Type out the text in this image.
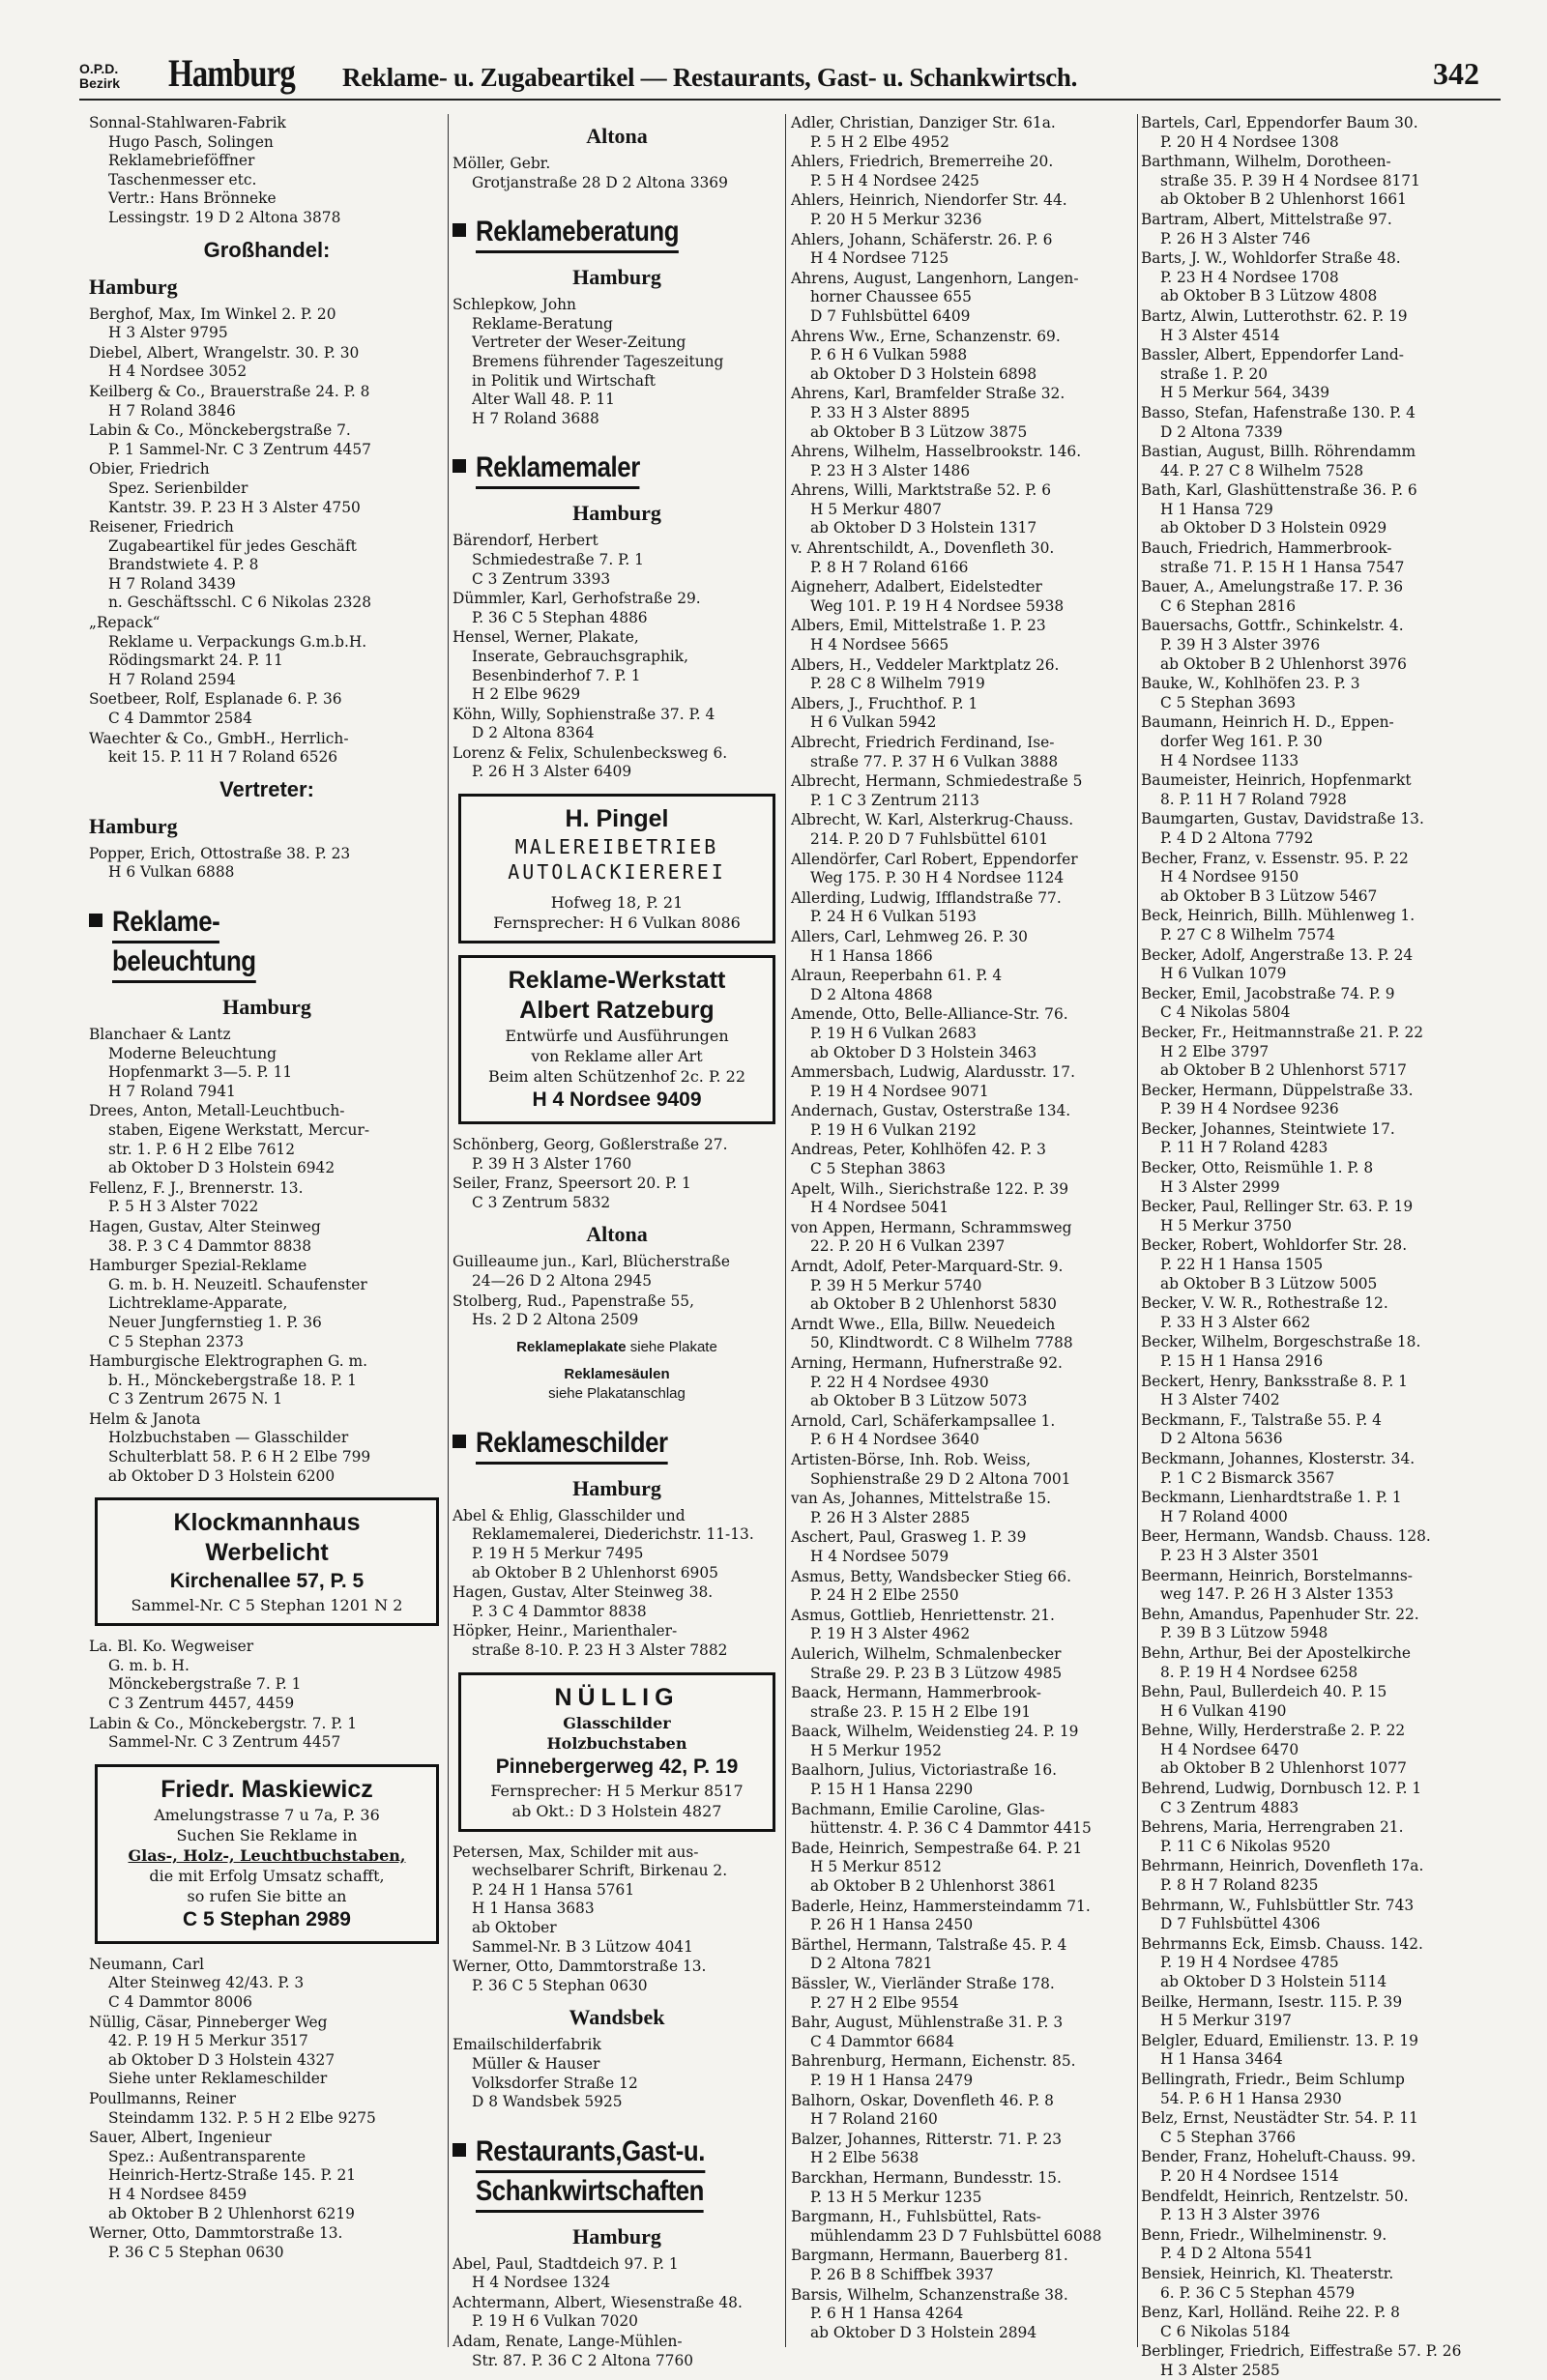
O.P.D.
Bezirk Hamburg Reklame- u. Zugabeartikel — Restaurants, Gast- u. Schankwirtsch.	342
Sonnal-Stahlwaren-Fabrik
Hugo Pasch, Solingen
Reklamebrieföffner
Taschenmesser etc.
Vertr.: Hans Brönneke
Lessingstr. 19 D 2 Altona 3878
Großhandel:
Hamburg
Berghof, Max, Im Winkel 2. P. 20
H 3 Alster 9795
Diebel, Albert, Wrangelstr. 30. P. 30
H 4 Nordsee 3052
Keilberg & Co., Brauerstraße 24. P. 8
H 7 Roland 3846
Labin & Co., Mönckebergstraße 7.
P. 1 Sammel-Nr. C 3 Zentrum 4457
Obier, Friedrich
Spez. Serienbilder
Kantstr. 39. P. 23 H 3 Alster 4750
Reisener, Friedrich
Zugabeartikel für jedes Geschäft
Brandstwiete 4. P. 8
H 7 Roland 3439
n. Geschäftsschl. C 6 Nikolas 2328
„Repack“
Reklame u. Verpackungs G.m.b.H.
Rödingsmarkt 24. P. 11
H 7 Roland 2594
Soetbeer, Rolf, Esplanade 6. P. 36
C 4 Dammtor 2584
Waechter & Co., GmbH., Herrlich-
keit 15. P. 11 H 7 Roland 6526
Vertreter:
Hamburg
Popper, Erich, Ottostraße 38. P. 23
H 6 Vulkan 6888
Reklame-
beleuchtung
Hamburg
Blanchaer & Lantz
Moderne Beleuchtung
Hopfenmarkt 3—5. P. 11
H 7 Roland 7941
Drees, Anton, Metall-Leuchtbuch-
staben, Eigene Werkstatt, Mercur-
str. 1. P. 6 H 2 Elbe 7612
ab Oktober D 3 Holstein 6942
Fellenz, F. J., Brennerstr. 13.
P. 5 H 3 Alster 7022
Hagen, Gustav, Alter Steinweg
38. P. 3 C 4 Dammtor 8838
Hamburger Spezial-Reklame
G. m. b. H. Neuzeitl. Schaufenster
Lichtreklame-Apparate,
Neuer Jungfernstieg 1. P. 36
C 5 Stephan 2373
Hamburgische Elektrographen G. m.
b. H., Mönckebergstraße 18. P. 1
C 3 Zentrum 2675 N. 1
Helm & Janota
Holzbuchstaben — Glasschilder
Schulterblatt 58. P. 6 H 2 Elbe 799
ab Oktober D 3 Holstein 6200
Klockmannhaus
Werbelicht
Kirchenallee 57, P. 5
Sammel-Nr. C 5 Stephan 1201 N 2
La. Bl. Ko. Wegweiser
G. m. b. H.
Mönckebergstraße 7. P. 1
C 3 Zentrum 4457, 4459
Labin & Co., Mönckebergstr. 7. P. 1
Sammel-Nr. C 3 Zentrum 4457
Friedr. Maskiewicz
Amelungstrasse 7 u 7a, P. 36
Suchen Sie Reklame in
Glas-, Holz-, Leuchtbuchstaben,
die mit Erfolg Umsatz schafft,
so rufen Sie bitte an
C 5 Stephan 2989
Neumann, Carl
Alter Steinweg 42/43. P. 3
C 4 Dammtor 8006
Nüllig, Cäsar, Pinneberger Weg
42. P. 19 H 5 Merkur 3517
ab Oktober D 3 Holstein 4327
Siehe unter Reklameschilder
Poullmanns, Reiner
Steindamm 132. P. 5 H 2 Elbe 9275
Sauer, Albert, Ingenieur
Spez.: Außentransparente
Heinrich-Hertz-Straße 145. P. 21
H 4 Nordsee 8459
ab Oktober B 2 Uhlenhorst 6219
Werner, Otto, Dammtorstraße 13.
P. 36 C 5 Stephan 0630
Altona
Möller, Gebr.
Grotjanstraße 28 D 2 Altona 3369
Reklameberatung
Hamburg
Schlepkow, John
Reklame-Beratung
Vertreter der Weser-Zeitung
Bremens führender Tageszeitung
in Politik und Wirtschaft
Alter Wall 48. P. 11
H 7 Roland 3688
Reklamemaler
Hamburg
Bärendorf, Herbert
Schmiedestraße 7. P. 1
C 3 Zentrum 3393
Dümmler, Karl, Gerhofstraße 29.
P. 36 C 5 Stephan 4886
Hensel, Werner, Plakate,
Inserate, Gebrauchsgraphik,
Besenbinderhof 7. P. 1
H 2 Elbe 9629
Köhn, Willy, Sophienstraße 37. P. 4
D 2 Altona 8364
Lorenz & Felix, Schulenbecksweg 6.
P. 26 H 3 Alster 6409
H. Pingel
MALEREIBETRIEB
AUTOLACKIEREREI
Hofweg 18, P. 21
Fernsprecher: H 6 Vulkan 8086
Reklame-Werkstatt
Albert Ratzeburg
Entwürfe und Ausführungen
von Reklame aller Art
Beim alten Schützenhof 2c. P. 22
H 4 Nordsee 9409
Schönberg, Georg, Goßlerstraße 27.
P. 39 H 3 Alster 1760
Seiler, Franz, Speersort 20. P. 1
C 3 Zentrum 5832
Altona
Guilleaume jun., Karl, Blücherstraße
24—26 D 2 Altona 2945
Stolberg, Rud., Papenstraße 55,
Hs. 2 D 2 Altona 2509
Reklameplakate siehe Plakate
Reklamesäulen
siehe Plakatanschlag
Reklameschilder
Hamburg
Abel & Ehlig, Glasschilder und
Reklamemalerei, Diederichstr. 11-13.
P. 19 H 5 Merkur 7495
ab Oktober B 2 Uhlenhorst 6905
Hagen, Gustav, Alter Steinweg 38.
P. 3 C 4 Dammtor 8838
Höpker, Heinr., Marienthaler-
straße 8-10. P. 23 H 3 Alster 7882
NÜLLIG
Glasschilder
Holzbuchstaben
Pinnebergerweg 42, P. 19
Fernsprecher: H 5 Merkur 8517
ab Okt.: D 3 Holstein 4827
Petersen, Max, Schilder mit aus-
wechselbarer Schrift, Birkenau 2.
P. 24 H 1 Hansa 5761
H 1 Hansa 3683
ab Oktober
Sammel-Nr. B 3 Lützow 4041
Werner, Otto, Dammtorstraße 13.
P. 36 C 5 Stephan 0630
Wandsbek
Emailschilderfabrik
Müller & Hauser
Volksdorfer Straße 12
D 8 Wandsbek 5925
Restaurants,Gast-u.
Schankwirtschaften
Hamburg
Abel, Paul, Stadtdeich 97. P. 1
H 4 Nordsee 1324
Achtermann, Albert, Wiesenstraße 48.
P. 19 H 6 Vulkan 7020
Adam, Renate, Lange-Mühlen-
Str. 87. P. 36 C 2 Altona 7760
Adler, Christian, Danziger Str. 61a.
P. 5 H 2 Elbe 4952
Ahlers, Friedrich, Bremerreihe 20.
P. 5 H 4 Nordsee 2425
Ahlers, Heinrich, Niendorfer Str. 44.
P. 20 H 5 Merkur 3236
Ahlers, Johann, Schäferstr. 26. P. 6
H 4 Nordsee 7125
Ahrens, August, Langenhorn, Langen-
horner Chaussee 655
D 7 Fuhlsbüttel 6409
Ahrens Ww., Erne, Schanzenstr. 69.
P. 6 H 6 Vulkan 5988
ab Oktober D 3 Holstein 6898
Ahrens, Karl, Bramfelder Straße 32.
P. 33 H 3 Alster 8895
ab Oktober B 3 Lützow 3875
Ahrens, Wilhelm, Hasselbrookstr. 146.
P. 23 H 3 Alster 1486
Ahrens, Willi, Marktstraße 52. P. 6
H 5 Merkur 4807
ab Oktober D 3 Holstein 1317
v. Ahrentschildt, A., Dovenfleth 30.
P. 8 H 7 Roland 6166
Aigneherr, Adalbert, Eidelstedter
Weg 101. P. 19 H 4 Nordsee 5938
Albers, Emil, Mittelstraße 1. P. 23
H 4 Nordsee 5665
Albers, H., Veddeler Marktplatz 26.
P. 28 C 8 Wilhelm 7919
Albers, J., Fruchthof. P. 1
H 6 Vulkan 5942
Albrecht, Friedrich Ferdinand, Ise-
straße 77. P. 37 H 6 Vulkan 3888
Albrecht, Hermann, Schmiedestraße 5
P. 1 C 3 Zentrum 2113
Albrecht, W. Karl, Alsterkrug-Chauss.
214. P. 20 D 7 Fuhlsbüttel 6101
Allendörfer, Carl Robert, Eppendorfer
Weg 175. P. 30 H 4 Nordsee 1124
Allerding, Ludwig, Ifflandstraße 77.
P. 24 H 6 Vulkan 5193
Allers, Carl, Lehmweg 26. P. 30
H 1 Hansa 1866
Alraun, Reeperbahn 61. P. 4
D 2 Altona 4868
Amende, Otto, Belle-Alliance-Str. 76.
P. 19 H 6 Vulkan 2683
ab Oktober D 3 Holstein 3463
Ammersbach, Ludwig, Alardusstr. 17.
P. 19 H 4 Nordsee 9071
Andernach, Gustav, Osterstraße 134.
P. 19 H 6 Vulkan 2192
Andreas, Peter, Kohlhöfen 42. P. 3
C 5 Stephan 3863
Apelt, Wilh., Sierichstraße 122. P. 39
H 4 Nordsee 5041
von Appen, Hermann, Schrammsweg
22. P. 20 H 6 Vulkan 2397
Arndt, Adolf, Peter-Marquard-Str. 9.
P. 39 H 5 Merkur 5740
ab Oktober B 2 Uhlenhorst 5830
Arndt Wwe., Ella, Billw. Neuedeich
50, Klindtwordt. C 8 Wilhelm 7788
Arning, Hermann, Hufnerstraße 92.
P. 22 H 4 Nordsee 4930
ab Oktober B 3 Lützow 5073
Arnold, Carl, Schäferkampsallee 1.
P. 6 H 4 Nordsee 3640
Artisten-Börse, Inh. Rob. Weiss,
Sophienstraße 29 D 2 Altona 7001
van As, Johannes, Mittelstraße 15.
P. 26 H 3 Alster 2885
Aschert, Paul, Grasweg 1. P. 39
H 4 Nordsee 5079
Asmus, Betty, Wandsbecker Stieg 66.
P. 24 H 2 Elbe 2550
Asmus, Gottlieb, Henriettenstr. 21.
P. 19 H 3 Alster 4962
Aulerich, Wilhelm, Schmalenbecker
Straße 29. P. 23 B 3 Lützow 4985
Baack, Hermann, Hammerbrook-
straße 23. P. 15 H 2 Elbe 191
Baack, Wilhelm, Weidenstieg 24. P. 19
H 5 Merkur 1952
Baalhorn, Julius, Victoriastraße 16.
P. 15 H 1 Hansa 2290
Bachmann, Emilie Caroline, Glas-
hüttenstr. 4. P. 36 C 4 Dammtor 4415
Bade, Heinrich, Sempestraße 64. P. 21
H 5 Merkur 8512
ab Oktober B 2 Uhlenhorst 3861
Baderle, Heinz, Hammersteindamm 71.
P. 26 H 1 Hansa 2450
Bärthel, Hermann, Talstraße 45. P. 4
D 2 Altona 7821
Bässler, W., Vierländer Straße 178.
P. 27 H 2 Elbe 9554
Bahr, August, Mühlenstraße 31. P. 3
C 4 Dammtor 6684
Bahrenburg, Hermann, Eichenstr. 85.
P. 19 H 1 Hansa 2479
Balhorn, Oskar, Dovenfleth 46. P. 8
H 7 Roland 2160
Balzer, Johannes, Ritterstr. 71. P. 23
H 2 Elbe 5638
Barckhan, Hermann, Bundesstr. 15.
P. 13 H 5 Merkur 1235
Bargmann, H., Fuhlsbüttel, Rats-
mühlendamm 23 D 7 Fuhlsbüttel 6088
Bargmann, Hermann, Bauerberg 81.
P. 26 B 8 Schiffbek 3937
Barsis, Wilhelm, Schanzenstraße 38.
P. 6 H 1 Hansa 4264
ab Oktober D 3 Holstein 2894
Bartels, Carl, Eppendorfer Baum 30.
P. 20 H 4 Nordsee 1308
Barthmann, Wilhelm, Dorotheen-
straße 35. P. 39 H 4 Nordsee 8171
ab Oktober B 2 Uhlenhorst 1661
Bartram, Albert, Mittelstraße 97.
P. 26 H 3 Alster 746
Barts, J. W., Wohldorfer Straße 48.
P. 23 H 4 Nordsee 1708
ab Oktober B 3 Lützow 4808
Bartz, Alwin, Lutterothstr. 62. P. 19
H 3 Alster 4514
Bassler, Albert, Eppendorfer Land-
straße 1. P. 20
H 5 Merkur 564, 3439
Basso, Stefan, Hafenstraße 130. P. 4
D 2 Altona 7339
Bastian, August, Billh. Röhrendamm
44. P. 27 C 8 Wilhelm 7528
Bath, Karl, Glashüttenstraße 36. P. 6
H 1 Hansa 729
ab Oktober D 3 Holstein 0929
Bauch, Friedrich, Hammerbrook-
straße 71. P. 15 H 1 Hansa 7547
Bauer, A., Amelungstraße 17. P. 36
C 6 Stephan 2816
Bauersachs, Gottfr., Schinkelstr. 4.
P. 39 H 3 Alster 3976
ab Oktober B 2 Uhlenhorst 3976
Bauke, W., Kohlhöfen 23. P. 3
C 5 Stephan 3693
Baumann, Heinrich H. D., Eppen-
dorfer Weg 161. P. 30
H 4 Nordsee 1133
Baumeister, Heinrich, Hopfenmarkt
8. P. 11 H 7 Roland 7928
Baumgarten, Gustav, Davidstraße 13.
P. 4 D 2 Altona 7792
Becher, Franz, v. Essenstr. 95. P. 22
H 4 Nordsee 9150
ab Oktober B 3 Lützow 5467
Beck, Heinrich, Billh. Mühlenweg 1.
P. 27 C 8 Wilhelm 7574
Becker, Adolf, Angerstraße 13. P. 24
H 6 Vulkan 1079
Becker, Emil, Jacobstraße 74. P. 9
C 4 Nikolas 5804
Becker, Fr., Heitmannstraße 21. P. 22
H 2 Elbe 3797
ab Oktober B 2 Uhlenhorst 5717
Becker, Hermann, Düppelstraße 33.
P. 39 H 4 Nordsee 9236
Becker, Johannes, Steintwiete 17.
P. 11 H 7 Roland 4283
Becker, Otto, Reismühle 1. P. 8
H 3 Alster 2999
Becker, Paul, Rellinger Str. 63. P. 19
H 5 Merkur 3750
Becker, Robert, Wohldorfer Str. 28.
P. 22 H 1 Hansa 1505
ab Oktober B 3 Lützow 5005
Becker, V. W. R., Rothestraße 12.
P. 33 H 3 Alster 662
Becker, Wilhelm, Borgeschstraße 18.
P. 15 H 1 Hansa 2916
Beckert, Henry, Banksstraße 8. P. 1
H 3 Alster 7402
Beckmann, F., Talstraße 55. P. 4
D 2 Altona 5636
Beckmann, Johannes, Klosterstr. 34.
P. 1 C 2 Bismarck 3567
Beckmann, Lienhardtstraße 1. P. 1
H 7 Roland 4000
Beer, Hermann, Wandsb. Chauss. 128.
P. 23 H 3 Alster 3501
Beermann, Heinrich, Borstelmanns-
weg 147. P. 26 H 3 Alster 1353
Behn, Amandus, Papenhuder Str. 22.
P. 39 B 3 Lützow 5948
Behn, Arthur, Bei der Apostelkirche
8. P. 19 H 4 Nordsee 6258
Behn, Paul, Bullerdeich 40. P. 15
H 6 Vulkan 4190
Behne, Willy, Herderstraße 2. P. 22
H 4 Nordsee 6470
ab Oktober B 2 Uhlenhorst 1077
Behrend, Ludwig, Dornbusch 12. P. 1
C 3 Zentrum 4883
Behrens, Maria, Herrengraben 21.
P. 11 C 6 Nikolas 9520
Behrmann, Heinrich, Dovenfleth 17a.
P. 8 H 7 Roland 8235
Behrmann, W., Fuhlsbüttler Str. 743
D 7 Fuhlsbüttel 4306
Behrmanns Eck, Eimsb. Chauss. 142.
P. 19 H 4 Nordsee 4785
ab Oktober D 3 Holstein 5114
Beilke, Hermann, Isestr. 115. P. 39
H 5 Merkur 3197
Belgler, Eduard, Emilienstr. 13. P. 19
H 1 Hansa 3464
Bellingrath, Friedr., Beim Schlump
54. P. 6 H 1 Hansa 2930
Belz, Ernst, Neustädter Str. 54. P. 11
C 5 Stephan 3766
Bender, Franz, Hoheluft-Chauss. 99.
P. 20 H 4 Nordsee 1514
Bendfeldt, Heinrich, Rentzelstr. 50.
P. 13 H 3 Alster 3976
Benn, Friedr., Wilhelminenstr. 9.
P. 4 D 2 Altona 5541
Bensiek, Heinrich, Kl. Theaterstr.
6. P. 36 C 5 Stephan 4579
Benz, Karl, Holländ. Reihe 22. P. 8
C 6 Nikolas 5184
Berblinger, Friedrich, Eiffestraße 57. P. 26
H 3 Alster 2585
